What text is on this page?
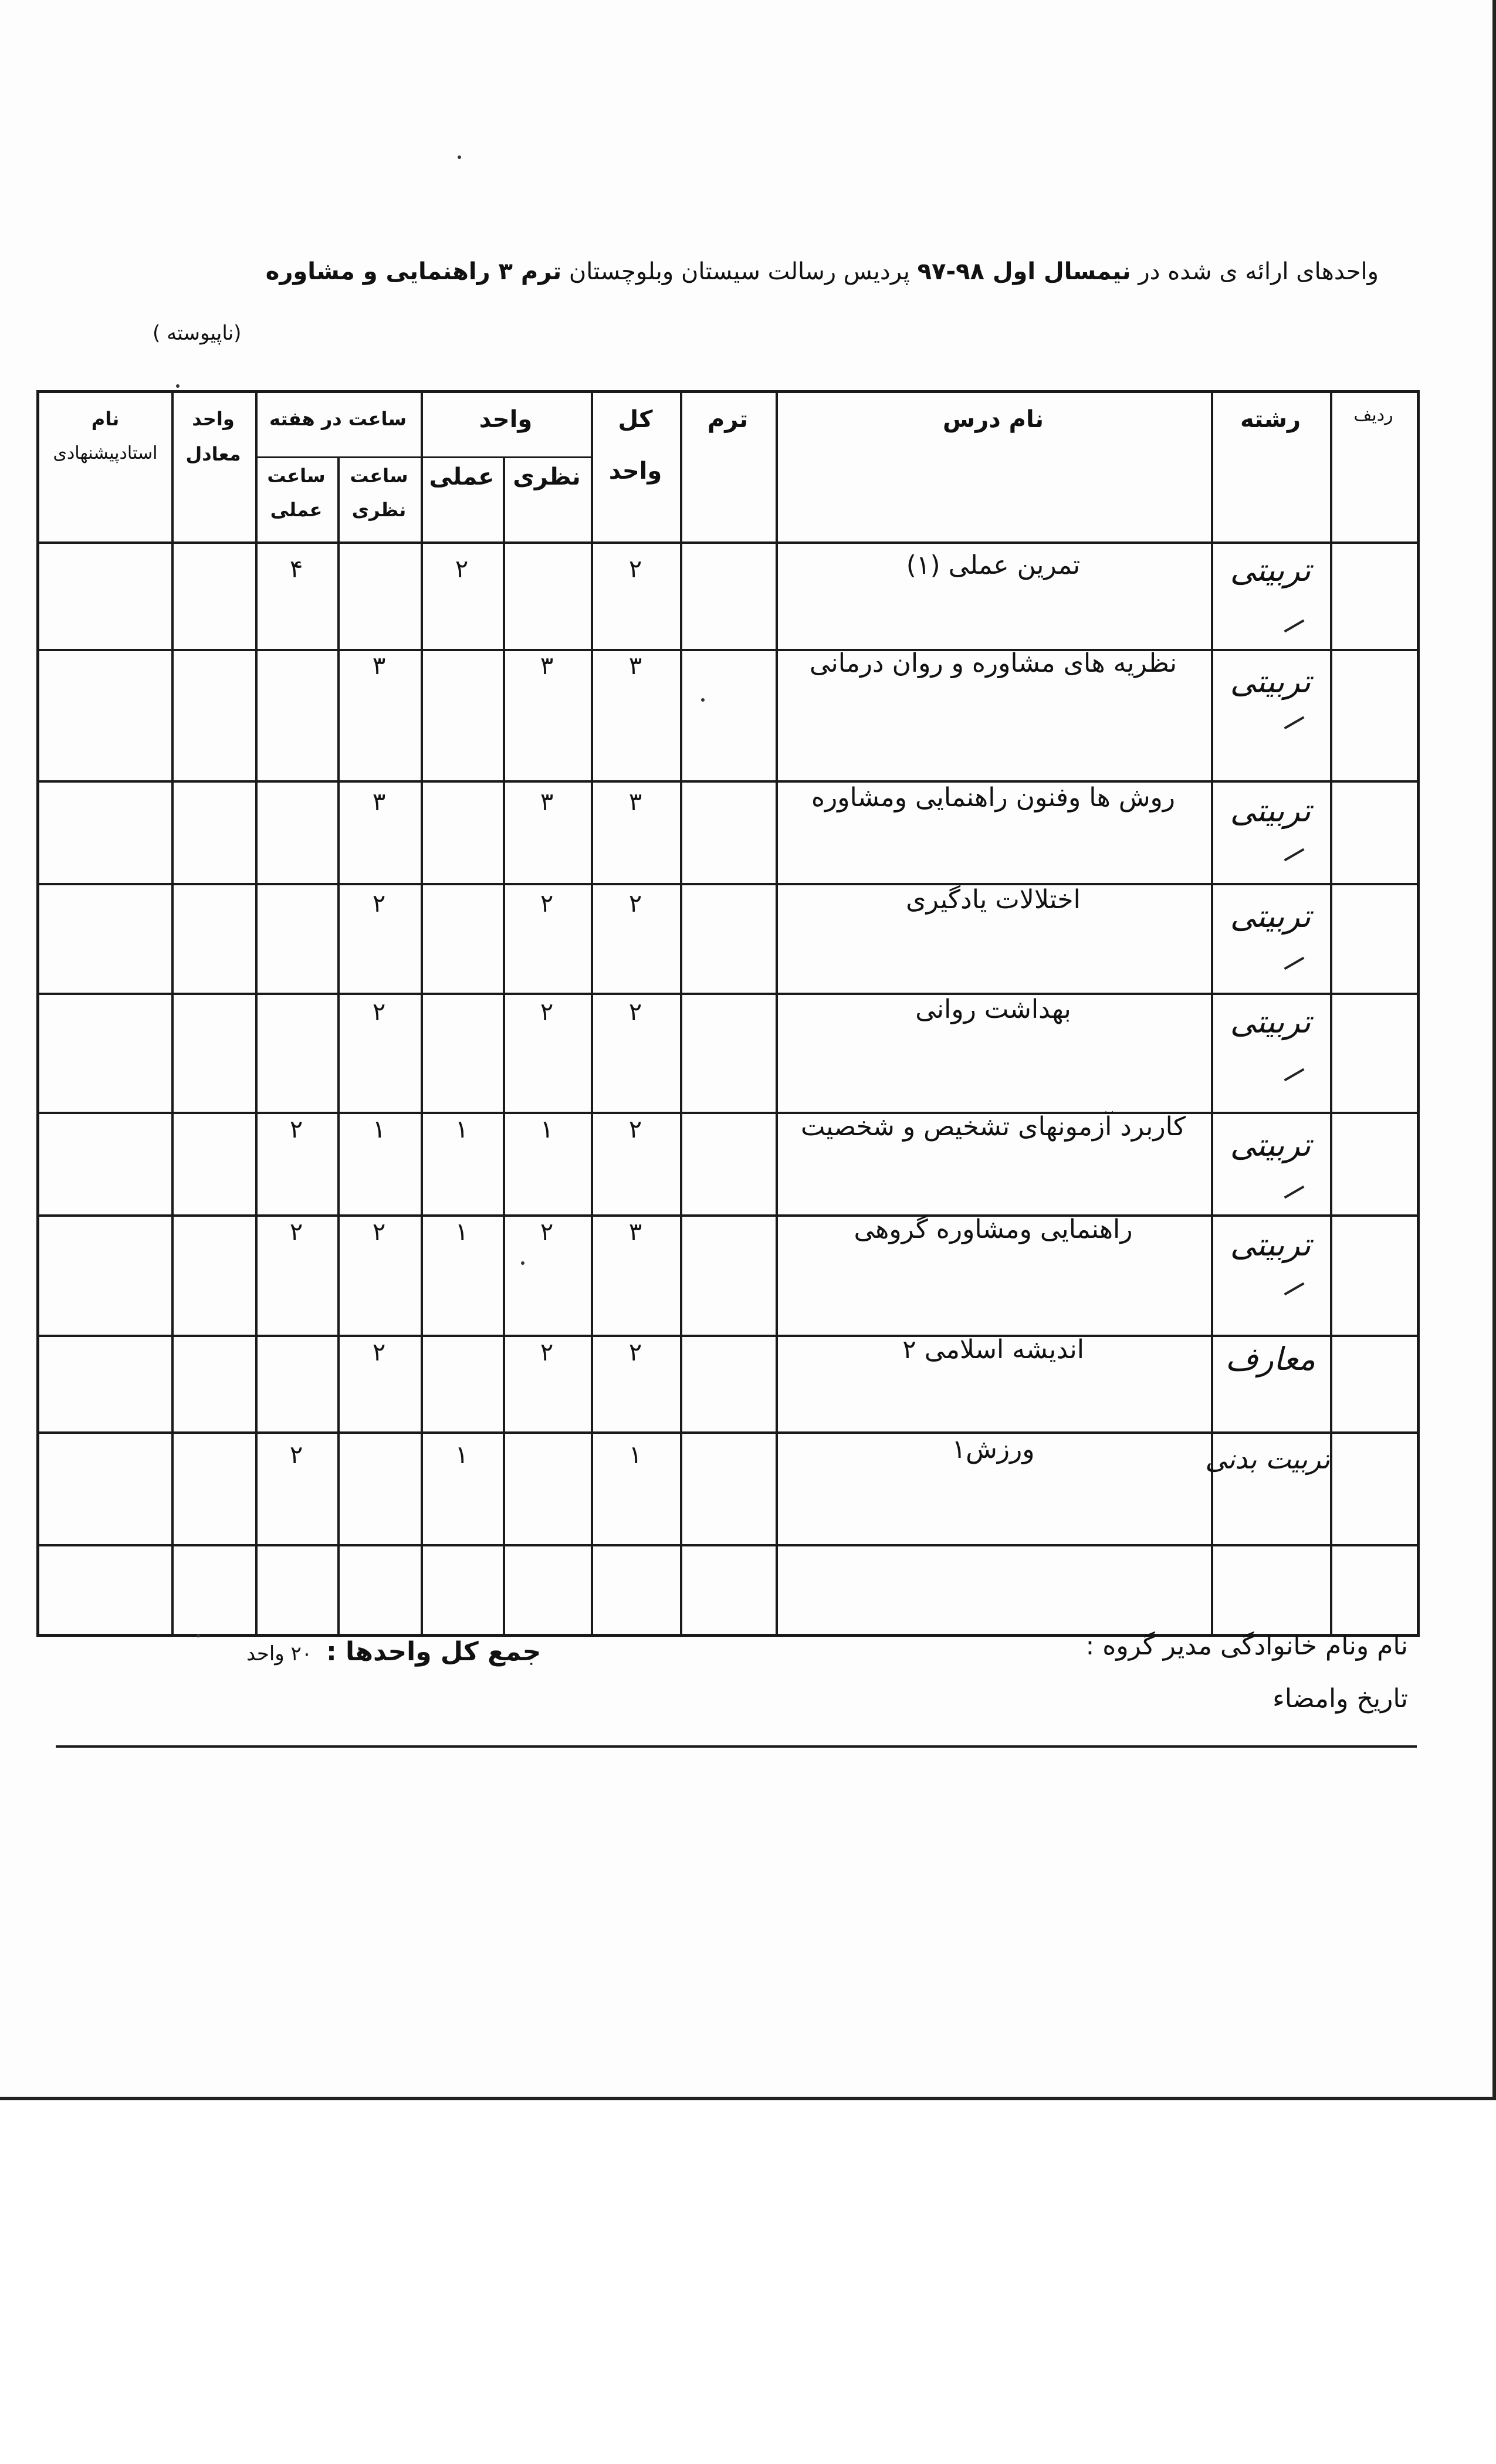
واحدهای ارائه ی شده در نیمسال اول ۹۸-۹۷ پردیس رسالت سیستان وبلوچستان ترم ۳ راهنمایی و مشاوره
(ناپیوسته )
ردیف
رشته
نام درس
ترم
کل
واحد
واحد
نظری
عملی
ساعت در هفته
ساعت
نظری
ساعت
عملی
واحد
معادل
نام
استادپیشنهادی
تربیتی
تمرین عملی (۱)
۲
۲
۴
تربیتی
نظریه های مشاوره و روان درمانی
۳
۳
۳
تربیتی
روش ها وفنون راهنمایی ومشاوره
۳
۳
۳
تربیتی
اختلالات یادگیری
۲
۲
۲
تربیتی
بهداشت روانی
۲
۲
۲
تربیتی
کاربرد آزمونهای تشخیص و شخصیت
۲
۱
۱
۱
۲
تربیتی
راهنمایی ومشاوره گروهی
۳
۲
۱
۲
۲
معارف
اندیشه اسلامی ۲
۲
۲
۲
تربیت بدنی
ورزش۱
۱
۱
۲
نام ونام خانوادگی مدیر گروه :
جمع کل واحدها :۲۰ واحد
تاریخ وامضاء
